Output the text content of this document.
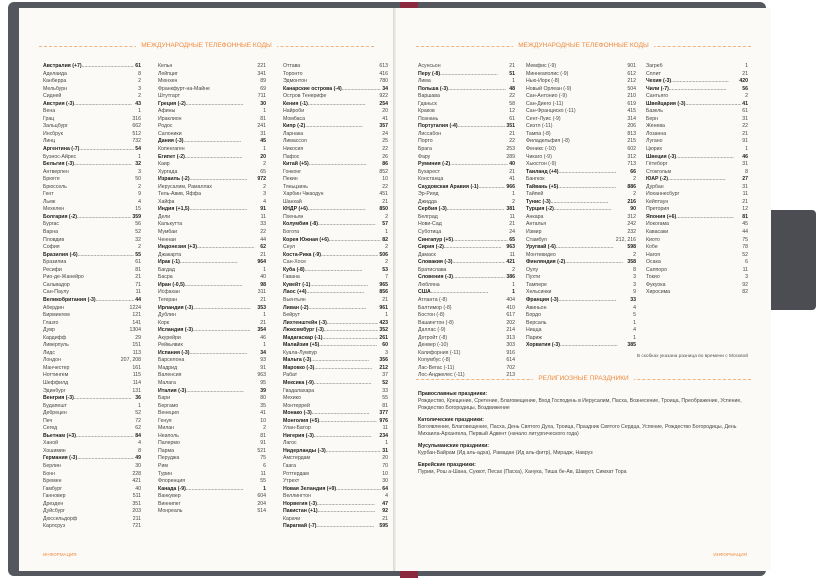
МЕЖДУНАРОДНЫЕ ТЕЛЕФОННЫЕ КОДЫ
Австралия (+7) .....	61
Аделаида	8
Канберра	2
Мельбурн	3
Сидней	2
Австрия (-3) .....	43
Вена	1
Грац	316
Зальцбург	662
Инсбрук	512
Линц	732
Аргентина (-7) .....	54
Буэнос-Айрес	1
Бельгия (-3) .....	32
Антверпен	3
Брюгге	50
Брюссель	2
Гент	9
Льеж	4
Мехелен	15
Болгария (-2) .....	359
Бургас	56
Варна	52
Пловдив	32
София	2
Бразилия (-6) .....	55
Бразилиа	61
Ресифи	81
Рио-де-Жанейро	21
Сальвадор	71
Сан-Паулу	11
Великобритания (-3) .....	44
Абердин	1224
Бирмингем	121
Глазго	141
Дувр	1304
Кардифф	29
Ливерпуль	151
Лидс	113
Лондон	207, 208
Манчестер	161
Ноттингем	115
Шеффилд	114
Эдинбург	131
Венгрия (-3) .....	36
Будапешт	1
Дебрецен	52
Печ	72
Сегед	62
Вьетнам (+3) .....	84
Ханой	4
Хошимин	8
Германия (-3) .....	49
Берлин	30
Бонн	228
Бремен	421
Гамбург	40
Ганновер	511
Дрезден	351
Дуйсбург	203
Дюссельдорф	211
Карлсруэ	721
Кельн	221
Лейпциг	341
Мюнхен	89
Франкфурт-на-Майне	69
Штутгарт	711
Греция (-2) .....	30
Афины	1
Ираклион	81
Родос	241
Салоники	31
Дания (-3) .....	45
Копенгаген	1
Египет (-2) .....	20
Каир	2
Хургада	65
Израиль (-2) .....	972
Иерусалим, Рамаллах	2
Тель-Авив, Яффа	3
Хайфа	4
Индия (+1,5) .....	91
Дели	11
Калькутта	33
Мумбаи	22
Ченнаи	44
Индонезия (+3) .....	62
Джакарта	21
Ирак (-1) .....	964
Багдад	1
Басра	40
Иран (-0,5) .....	98
Исфахан	311
Тегеран	21
Ирландия (-3) .....	353
Дублин	1
Корк	21
Исландия (-3) .....	354
Акурейри	46
Рейкьявик	1
Испания (-3) .....	34
Барселона	93
Мадрид	91
Валенсия	963
Малага	95
Италия (-3) .....	39
Бари	80
Бергамо	35
Венеция	41
Генуя	10
Милан	2
Неаполь	81
Палермо	91
Парма	521
Перуджа	75
Рим	6
Турин	11
Флоренция	55
Канада (-9) .....	1
Ванкувер	604
Виннипег	204
Монреаль	514
Оттава	613
Торонто	416
Эдмонтон	780
Канарские острова (-4) .....	34
Остров Тенерифе	922
Кения (-1) .....	254
Найроби	20
Момбаса	41
Кипр (-2) .....	357
Ларнака	24
Лимассол	25
Никосия	22
Пафос	26
Китай (+5) .....	86
Гонконг	852
Пекин	10
Тяньцзинь	22
Харбин Чжаодун	451
Шанхай	21
КНДР (+6) .....	850
Пхеньян	2
Колумбия (-8) .....	57
Богота	1
Корея Южная (+6) .....	82
Сеул	2
Коста-Рика (-9) .....	506
Сан-Хосе	2
Куба (-8) .....	53
Гавана	7
Кувейт (-1) .....	965
Лаос (+4) .....	856
Вьентьян	21
Ливан (-2) .....	961
Бейрут	1
Лихтенштейн (-3) .....	423
Люксембург (-3) .....	352
Мадагаскар (-1) .....	261
Малайзия (+5) .....	60
Куала-Лумпур	3
Мальта (-3) .....	356
Марокко (-3) .....	212
Рабат	37
Мексика (-9) .....	52
Гвадалахара	33
Мехико	55
Монтеррей	81
Монако (-3) .....	377
Монголия (+5) .....	976
Улан-Батор	11
Нигерия (-3) .....	234
Лагос	1
Нидерланды (-3) .....	31
Амстердам	20
Гаага	70
Роттердам	10
Утрехт	30
Новая Зеландия (+9) .....	64
Веллингтон	4
Норвегия (-3) .....	47
Пакистан (+1) .....	92
Карачи	21
Парагвай (-7) .....	595
ИНФОРМАЦИЯ
МЕЖДУНАРОДНЫЕ ТЕЛЕФОННЫЕ КОДЫ
Асунсьон	21
Перу (-8) .....	51
Лима	1
Польша (-3) .....	48
Варшава	22
Гданьск	58
Краков	12
Познань	61
Португалия (-4) .....	351
Лиссабон	21
Порто	22
Брага	253
Фару	289
Руминия (-2) .....	40
Бухарест	21
Констанца	41
Саудовская Аравия (-1) .....	966
Эр-Рияд	1
Джидда	2
Сербия (-3) .....	381
Белград	11
Нови-Сад	21
Суботица	24
Сингапур (+5) .....	65
Сирия (-2) .....	963
Дамаск	11
Словакия (-3) .....	421
Братислава	2
Словения (-3) .....	386
Любляна	1
США .....	1
Атланта (-8)	404
Балтимор (-8)	410
Бостон (-8)	617
Вашингтон (-8)	202
Даллас (-9)	214
Детройт (-8)	313
Денвер (-10)	303
Калифорния (-11)	916
Колумбус (-8)	614
Лас-Вегас (-11)	702
Лос-Анджелес (-11)	213
Мемфис (-9)	901
Миннеаполис (-9)	612
Нью-Йорк (-8)	212
Новый Орлеан (-9)	504
Сан-Антонио (-9)	210
Сан-Диего (-11)	619
Сан-Франциско (-11)	415
Сент-Луис (-9)	314
Сиэтл (-11)	206
Тампа (-8)	813
Филадельфия (-8)	215
Феникс (-10)	602
Чикаго (-9)	312
Хьюстон (-9)	713
Таиланд (+4) .....	66
Бангкок	2
Тайвань (+5) .....	886
Тайпей	2
Тунис (-3) .....	216
Турция (-2) .....	90
Анкара	312
Анталья	242
Измир	232
Стамбул	212, 216
Уругвай (-6) .....	598
Монтевидео	2
Финляндия (-2) .....	358
Оулу	8
Пухти	3
Тампере	3
Хельсинки	9
Франция (-3) .....	33
Авиньон	4
Бордо	5
Версаль	1
Ницца	4
Париж	1
Хорватия (-3) .....	385
Загреб	1
Сплит	21
Чехия (-3) .....	420
Чили (-7) .....	56
Сантьяго	2
Швейцария (-3) .....	41
Базель	61
Берн	31
Женева	22
Лозанна	21
Лугано	91
Цюрих	1
Швеция (-3) .....	46
Гётеборг	31
Стокгольм	8
ЮАР (-2) .....	27
Дурбан	31
Йоханнесбург	11
Кейптаун	21
Претория	12
Япония (+6) .....	81
Иокогама	45
Кавасаки	44
Киото	75
Кобе	78
Нагоя	52
Осака	6
Саппоро	11
Токио	3
Фукуока	92
Хиросима	82
В скобках указана разница во времени с Москвой
РЕЛИГИОЗНЫЕ ПРАЗДНИКИ
Православные праздники:
Рождество, Крещение, Сретение, Благовещение, Вход Господень в Иерусалим, Пасха, Вознесение, Троица, Преображение, Успение, Рождество Богородицы, Воздвижение
Католические праздники:
Богоявление, Благовещение, Пасха, День Святого Духа, Троица, Праздник Святого Сердца, Успение, Рождество Богородицы, День Михаила-Архангела, Первый Адвент (начало литургического года)
Мусульманские праздники:
Курбан-Байрам (Ид аль-адха), Рамадан (Ид аль-фитр), Мирадж, Навруз
Еврейские праздники:
Пурим, Рош а-Шана, Суккот, Песах (Пасха), Ханука, Тиша бе-Ав, Шавуот, Симхат Тора
ИНФОРМАЦИЯ
